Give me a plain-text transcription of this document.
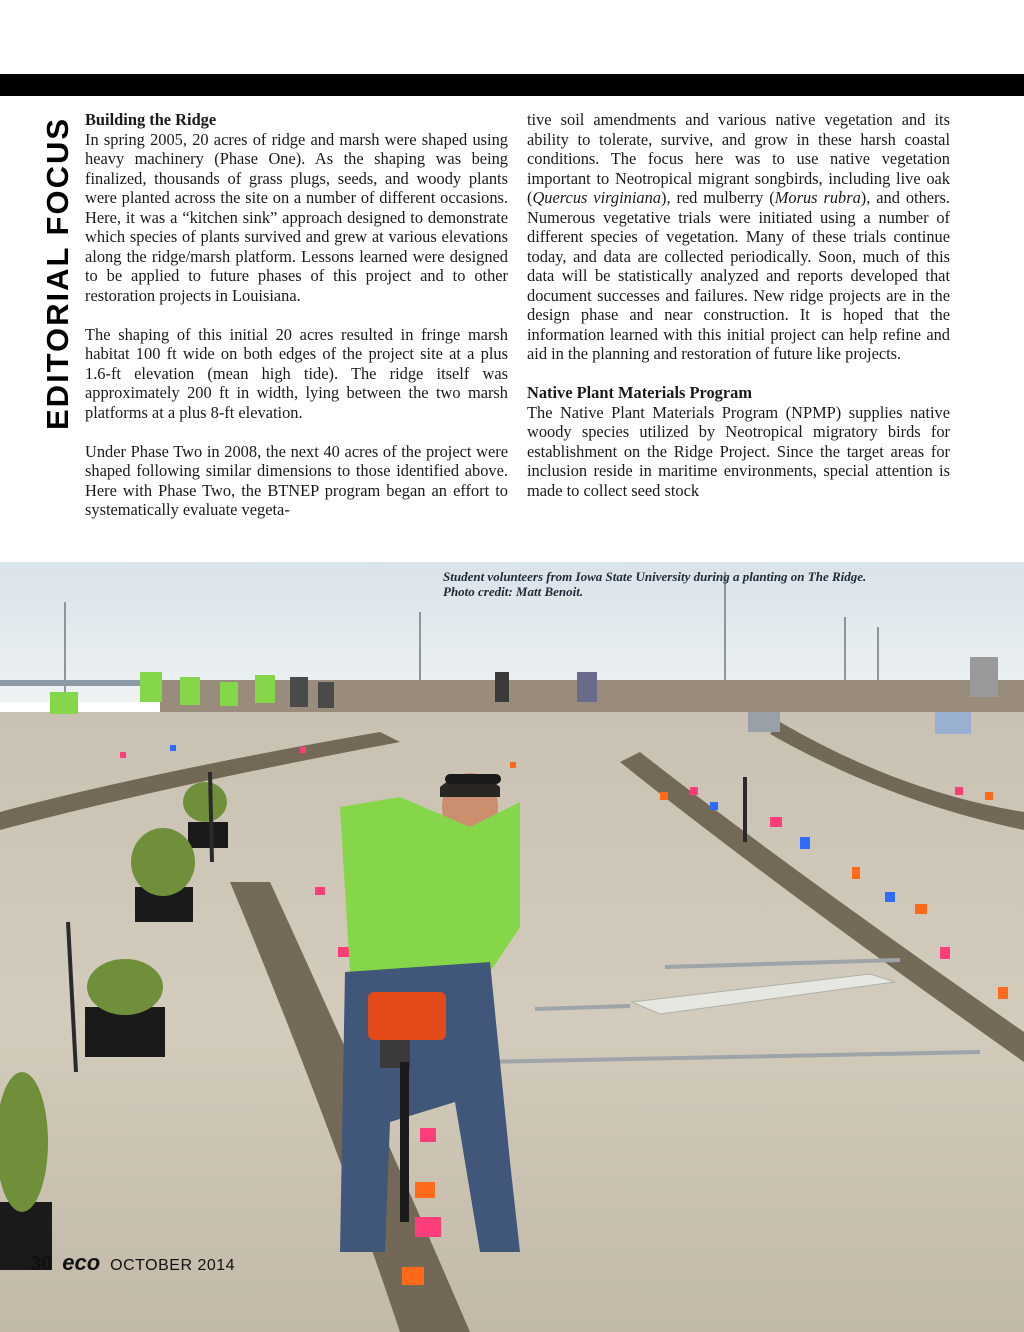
EDITORIAL FOCUS Building the Ridge

In spring 2005, 20 acres of ridge and marsh were shaped using heavy machinery (Phase One). As the shaping was being finalized, thousands of grass plugs, seeds, and woody plants were planted across the site on a number of different occasions. Here, it was a “kitchen sink” approach designed to demonstrate which species of plants survived and grew at various elevations along the ridge/marsh platform. Lessons learned were designed to be applied to future phases of this project and to other restoration projects in Louisiana.

The shaping of this initial 20 acres resulted in fringe marsh habitat 100 ft wide on both edges of the project site at a plus 1.6-ft elevation (mean high tide). The ridge itself was approximately 200 ft in width, lying between the two marsh platforms at a plus 8-ft elevation.

Under Phase Two in 2008, the next 40 acres of the project were shaped following similar dimensions to those identified above. Here with Phase Two, the BTNEP program began an effort to systematically evaluate vegeta-

tive soil amendments and various native vegetation and its ability to tolerate, survive, and grow in these harsh coastal conditions. The focus here was to use native vegetation important to Neotropical migrant songbirds, including live oak (Quercus virginiana), red mulberry (Morus rubra), and others. Numerous vegetative trials were initiated using a number of different species of vegetation. Many of these trials continue today, and data are collected periodically. Soon, much of this data will be statistically analyzed and reports developed that document successes and failures. New ridge projects are in the design phase and near construction. It is hoped that the information learned with this initial project can help refine and aid in the planning and restoration of future like projects.

Native Plant Materials Program

The Native Plant Materials Program (NPMP) supplies native woody species utilized by Neotropical migratory birds for establishment on the Ridge Project. Since the target areas for inclusion reside in maritime environments, special attention is made to collect seed stock

Student volunteers from Iowa State University during a planting on The Ridge.
Photo credit: Matt Benoit.
30 eco OCTOBER 2014
